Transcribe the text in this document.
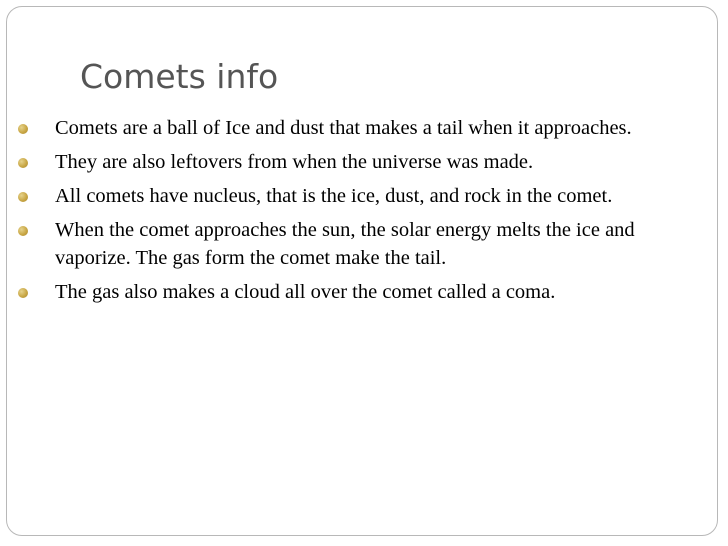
Comets info
Comets are a ball of Ice and dust that makes a tail when it approaches.
They are also leftovers from when the universe was made.
All comets have nucleus, that is the ice, dust, and rock in the comet.
When the comet approaches the sun, the solar energy melts the ice and vaporize. The gas form the comet make the tail.
The gas also makes a cloud all over the comet called a coma.
